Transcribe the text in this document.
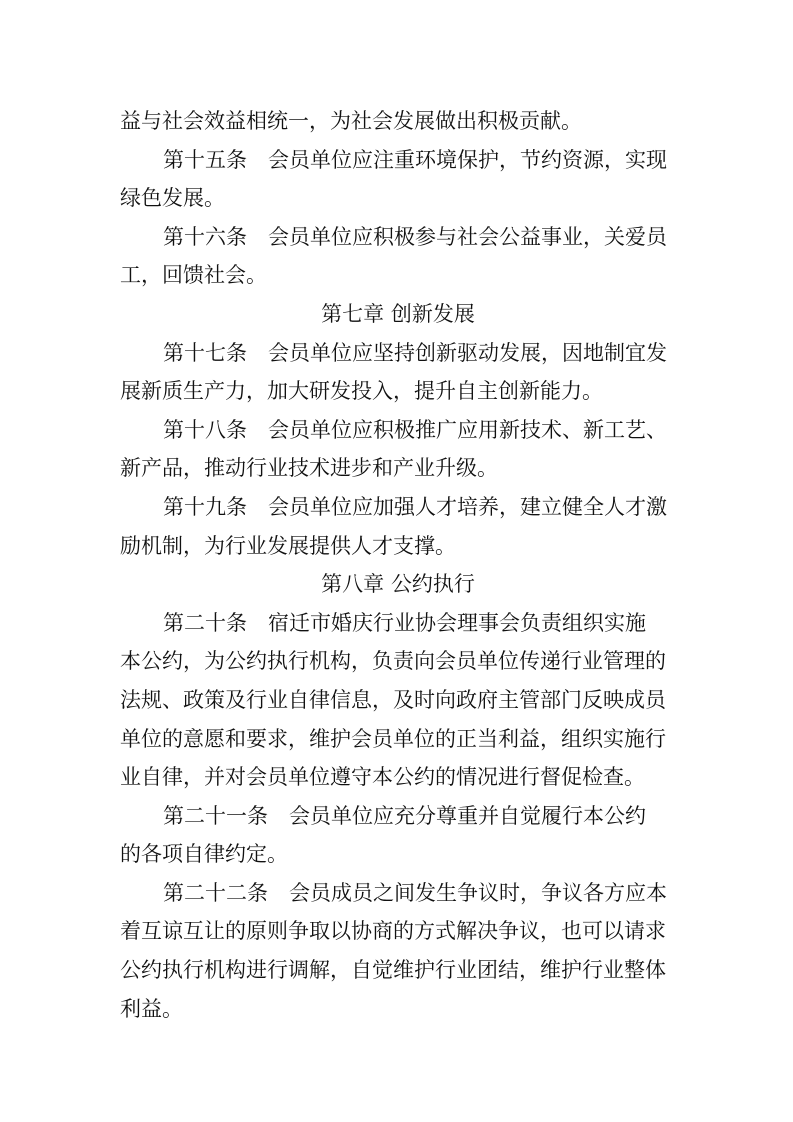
益与社会效益相统一，为社会发展做出积极贡献。
第十五条　会员单位应注重环境保护，节约资源，实现
绿色发展。
第十六条　会员单位应积极参与社会公益事业，关爱员
工，回馈社会。
第七章 创新发展
第十七条　会员单位应坚持创新驱动发展，因地制宜发
展新质生产力，加大研发投入，提升自主创新能力。
第十八条　会员单位应积极推广应用新技术、新工艺、
新产品，推动行业技术进步和产业升级。
第十九条　会员单位应加强人才培养，建立健全人才激
励机制，为行业发展提供人才支撑。
第八章 公约执行
第二十条　宿迁市婚庆行业协会理事会负责组织实施
本公约，为公约执行机构，负责向会员单位传递行业管理的
法规、政策及行业自律信息，及时向政府主管部门反映成员
单位的意愿和要求，维护会员单位的正当利益，组织实施行
业自律，并对会员单位遵守本公约的情况进行督促检查。
第二十一条　会员单位应充分尊重并自觉履行本公约
的各项自律约定。
第二十二条　会员成员之间发生争议时，争议各方应本
着互谅互让的原则争取以协商的方式解决争议，也可以请求
公约执行机构进行调解，自觉维护行业团结，维护行业整体
利益。
